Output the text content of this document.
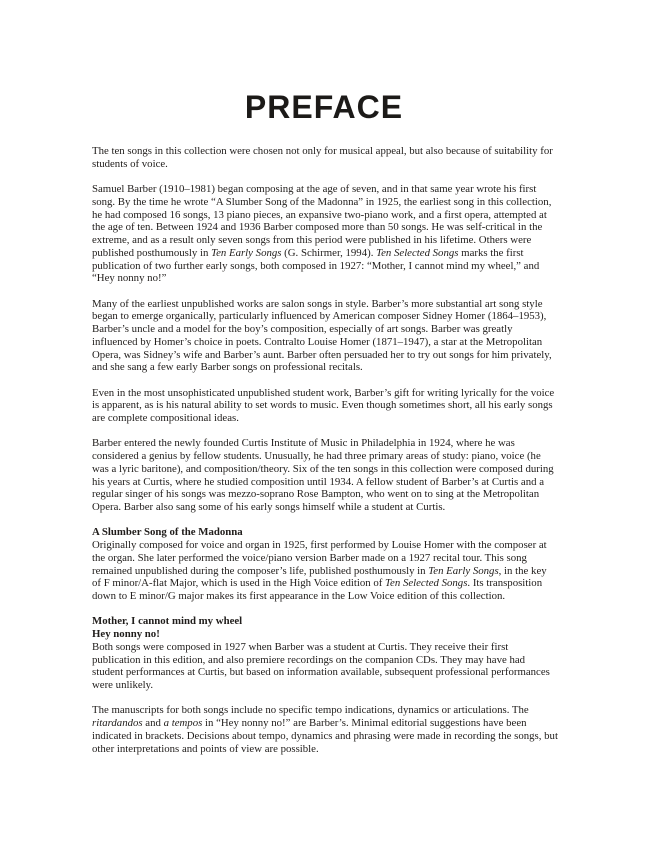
PREFACE

The ten songs in this collection were chosen not only for musical appeal, but also because of suitability for students of voice.

Samuel Barber (1910–1981) began composing at the age of seven, and in that same year wrote his first song. By the time he wrote “A Slumber Song of the Madonna” in 1925, the earliest song in this collection, he had composed 16 songs, 13 piano pieces, an expansive two-piano work, and a first opera, attempted at the age of ten. Between 1924 and 1936 Barber composed more than 50 songs. He was self-critical in the extreme, and as a result only seven songs from this period were published in his lifetime. Others were published posthumously in Ten Early Songs (G. Schirmer, 1994). Ten Selected Songs marks the first publication of two further early songs, both composed in 1927: “Mother, I cannot mind my wheel,” and “Hey nonny no!”

Many of the earliest unpublished works are salon songs in style. Barber’s more substantial art song style began to emerge organically, particularly influenced by American composer Sidney Homer (1864–1953), Barber’s uncle and a model for the boy’s composition, especially of art songs. Barber was greatly influenced by Homer’s choice in poets. Contralto Louise Homer (1871–1947), a star at the Metropolitan Opera, was Sidney’s wife and Barber’s aunt. Barber often persuaded her to try out songs for him privately, and she sang a few early Barber songs on professional recitals.

Even in the most unsophisticated unpublished student work, Barber’s gift for writing lyrically for the voice is apparent, as is his natural ability to set words to music. Even though sometimes short, all his early songs are complete compositional ideas.

Barber entered the newly founded Curtis Institute of Music in Philadelphia in 1924, where he was considered a genius by fellow students. Unusually, he had three primary areas of study: piano, voice (he was a lyric baritone), and composition/theory. Six of the ten songs in this collection were composed during his years at Curtis, where he studied composition until 1934. A fellow student of Barber’s at Curtis and a regular singer of his songs was mezzo-soprano Rose Bampton, who went on to sing at the Metropolitan Opera. Barber also sang some of his early songs himself while a student at Curtis.

A Slumber Song of the Madonna

Originally composed for voice and organ in 1925, first performed by Louise Homer with the composer at the organ. She later performed the voice/piano version Barber made on a 1927 recital tour. This song remained unpublished during the composer’s life, published posthumously in Ten Early Songs, in the key of F minor/A-flat Major, which is used in the High Voice edition of Ten Selected Songs. Its transposition down to E minor/G major makes its first appearance in the Low Voice edition of this collection.

Mother, I cannot mind my wheel
Hey nonny no!

Both songs were composed in 1927 when Barber was a student at Curtis. They receive their first publication in this edition, and also premiere recordings on the companion CDs. They may have had student performances at Curtis, but based on information available, subsequent professional performances were unlikely.

The manuscripts for both songs include no specific tempo indications, dynamics or articulations. The ritardandos and a tempos in “Hey nonny no!” are Barber’s. Minimal editorial suggestions have been indicated in brackets. Decisions about tempo, dynamics and phrasing were made in recording the songs, but other interpretations and points of view are possible.
